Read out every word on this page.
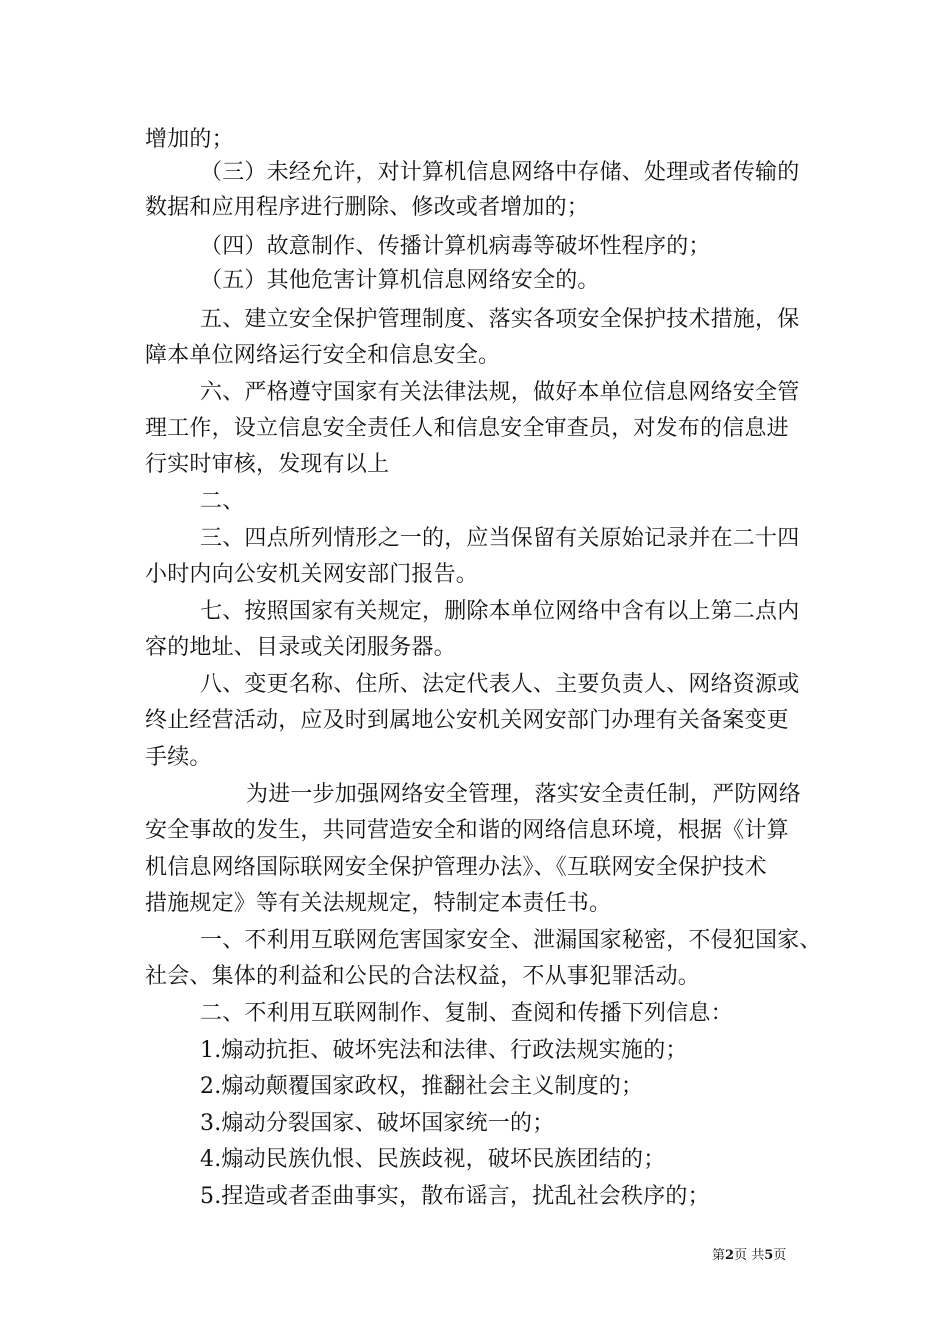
增加的；
（三）未经允许，对计算机信息网络中存储、处理或者传输的
数据和应用程序进行删除、修改或者增加的；
（四）故意制作、传播计算机病毒等破坏性程序的；
（五）其他危害计算机信息网络安全的。
五、建立安全保护管理制度、落实各项安全保护技术措施，保
障本单位网络运行安全和信息安全。
六、严格遵守国家有关法律法规，做好本单位信息网络安全管
理工作，设立信息安全责任人和信息安全审查员，对发布的信息进
行实时审核，发现有以上
二、
三、四点所列情形之一的，应当保留有关原始记录并在二十四
小时内向公安机关网安部门报告。
七、按照国家有关规定，删除本单位网络中含有以上第二点内
容的地址、目录或关闭服务器。
八、变更名称、住所、法定代表人、主要负责人、网络资源或
终止经营活动，应及时到属地公安机关网安部门办理有关备案变更
手续。
为进一步加强网络安全管理，落实安全责任制，严防网络
安全事故的发生，共同营造安全和谐的网络信息环境，根据《计算
机信息网络国际联网安全保护管理办法》、《互联网安全保护技术
措施规定》等有关法规规定，特制定本责任书。
一、不利用互联网危害国家安全、泄漏国家秘密，不侵犯国家、
社会、集体的利益和公民的合法权益，不从事犯罪活动。
二、不利用互联网制作、复制、查阅和传播下列信息：
1.煽动抗拒、破坏宪法和法律、行政法规实施的；
2.煽动颠覆国家政权，推翻社会主义制度的；
3.煽动分裂国家、破坏国家统一的；
4.煽动民族仇恨、民族歧视，破坏民族团结的；
5.捏造或者歪曲事实，散布谣言，扰乱社会秩序的；
第2页 共5页
